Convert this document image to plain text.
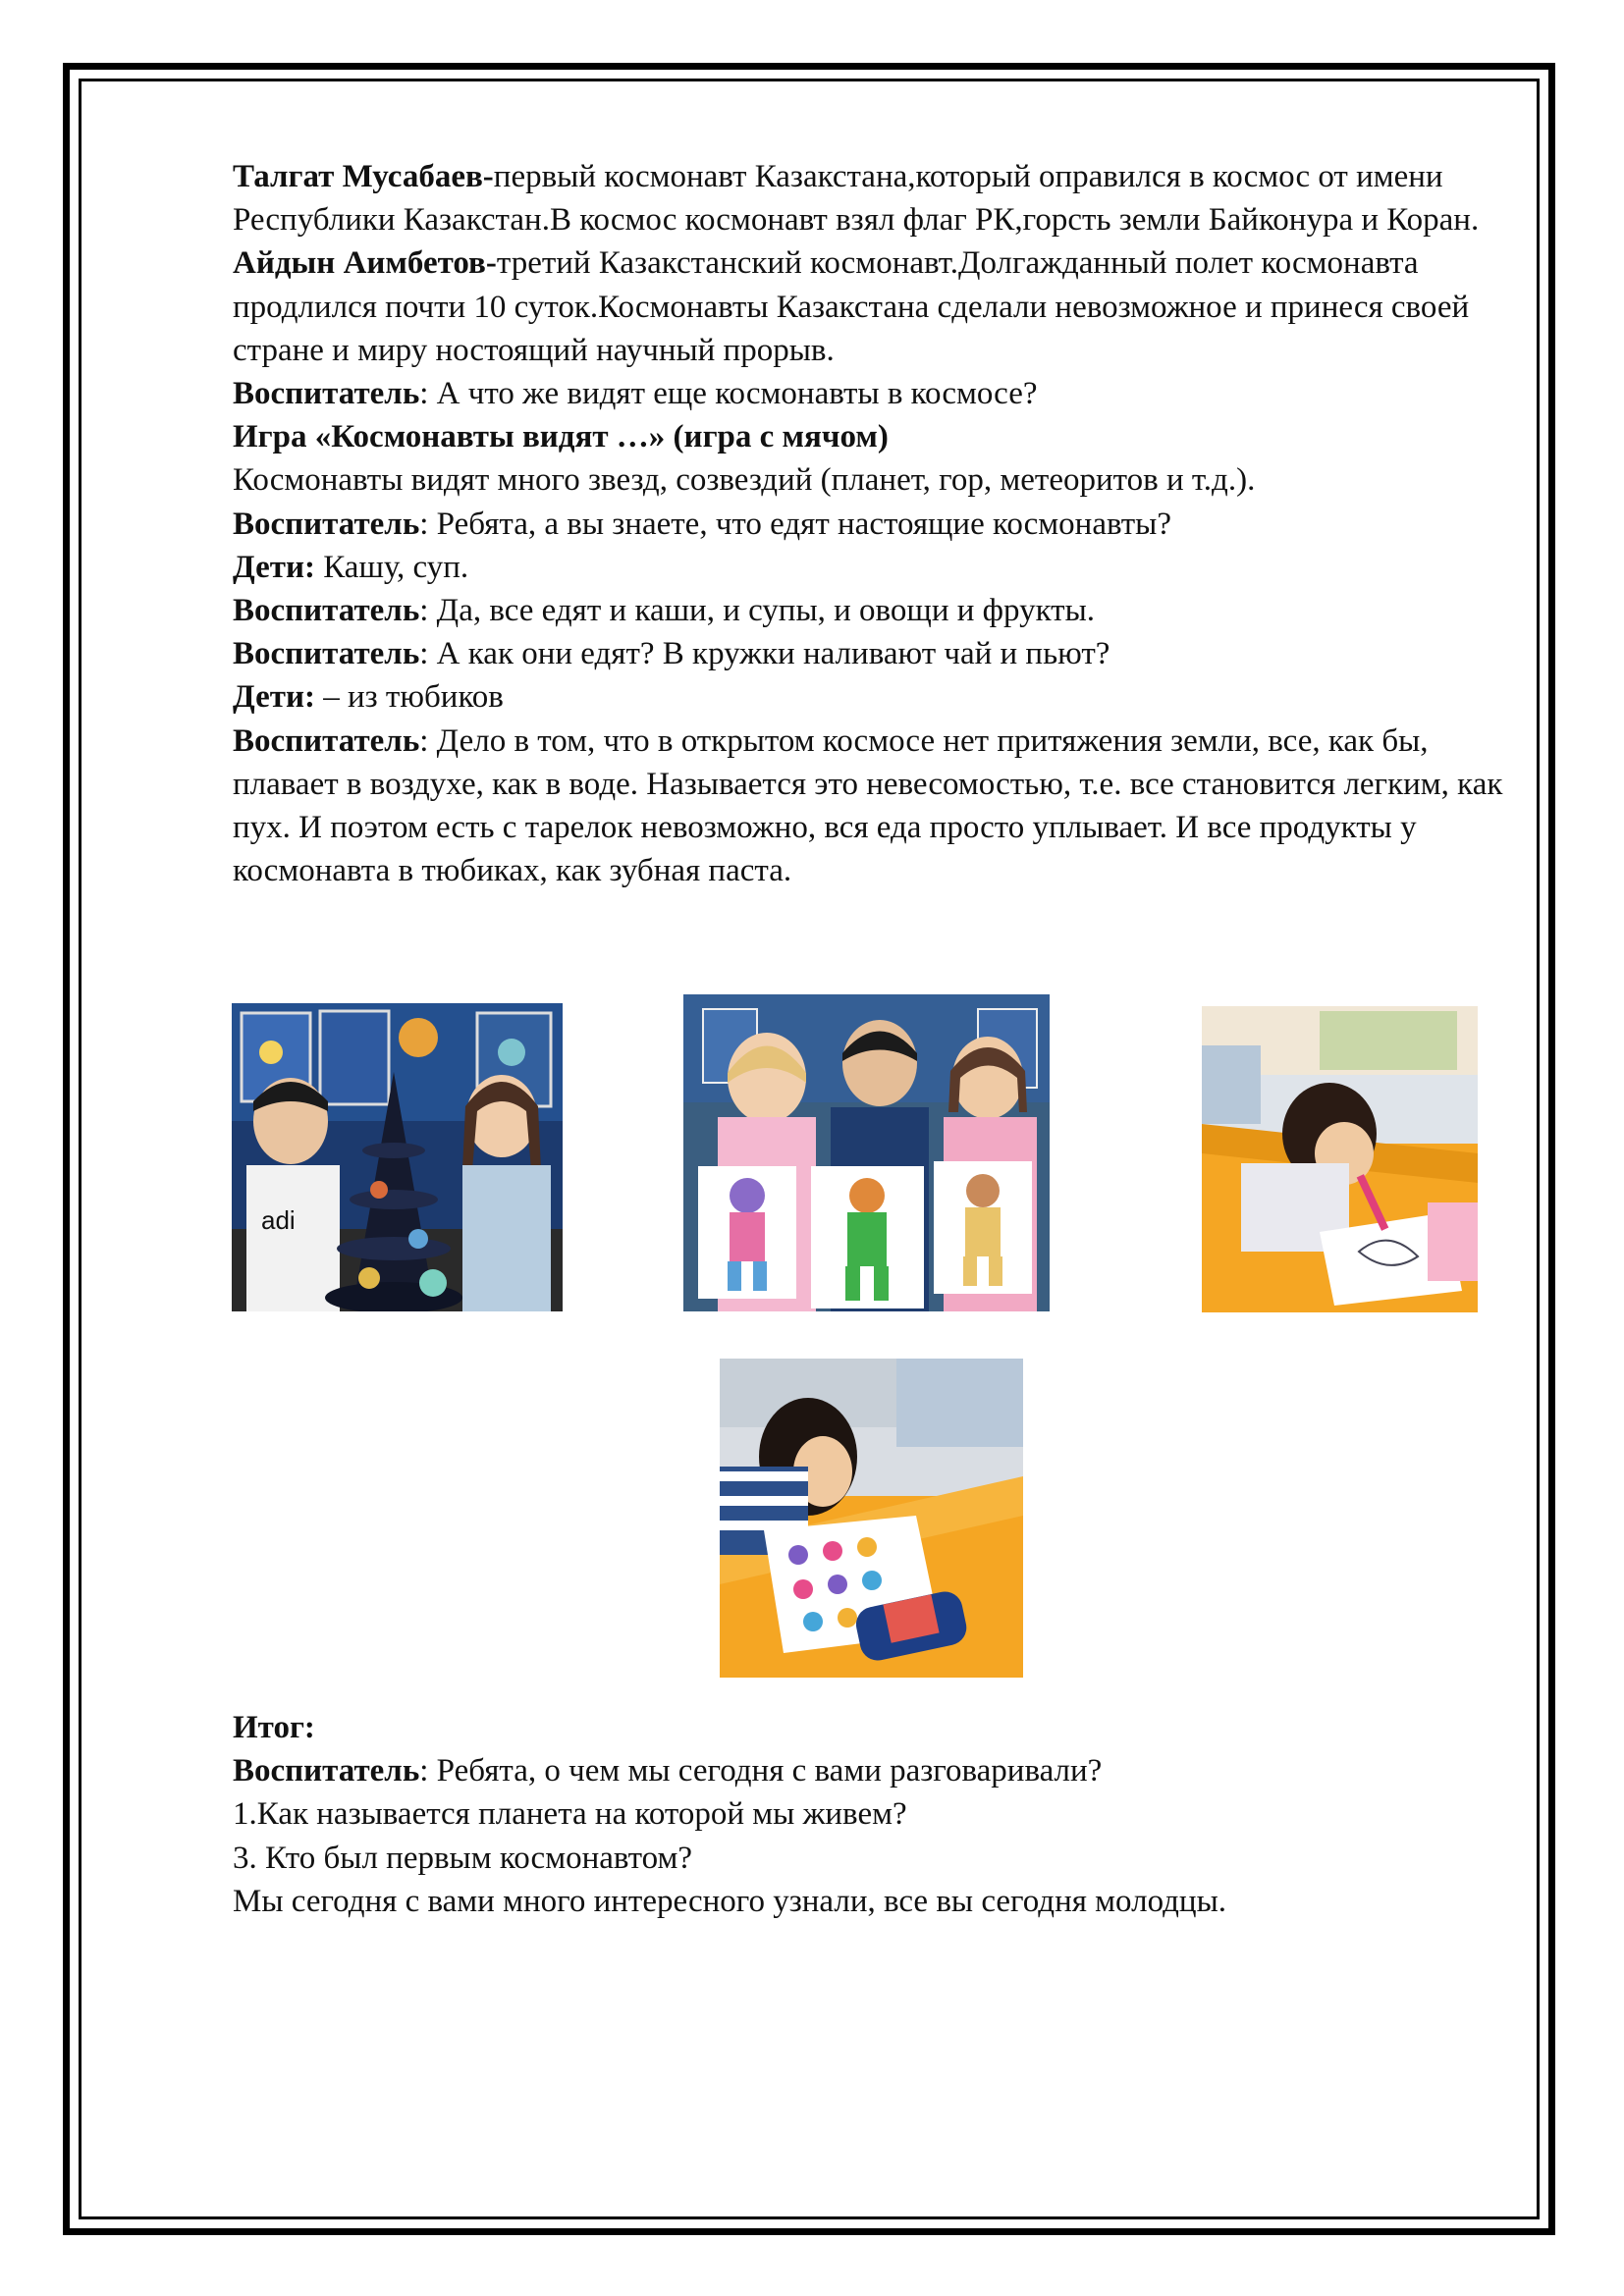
Талгат Мусабаев-первый космонавт Казакстана,который оправился в космос от имени Республики Казакстан.В космос космонавт взял флаг РК,горсть земли Байконура и Коран.

Айдын Аимбетов-третий Казакстанский космонавт.Долгажданный полет космонавта продлился почти 10 суток.Космонавты Казакстана сделали невозможное и принеся своей стране и миру ностоящий научный прорыв.

Воспитатель: А что же видят еще космонавты в космосе?

Игра «Космонавты видят …» (игра с мячом)

Космонавты видят много звезд, созвездий (планет, гор, метеоритов и т.д.).

Воспитатель: Ребята, а вы знаете, что едят настоящие космонавты?

Дети: Кашу, суп.

Воспитатель: Да, все едят и каши, и супы, и овощи и фрукты.

Воспитатель: А как они едят? В кружки наливают чай и пьют?

Дети: – из тюбиков

Воспитатель: Дело в том, что в открытом космосе нет притяжения земли, все, как бы, плавает в воздухе, как в воде. Называется это невесомостью, т.е. все становится легким, как пух. И поэтом есть с тарелок невозможно, вся еда просто уплывает. И все продукты у космонавта в тюбиках, как зубная паста.

adi

Итог:

Воспитатель: Ребята, о чем мы сегодня с вами разговаривали?

1.Как называется планета на которой мы живем?

3. Кто был первым космонавтом?

Мы сегодня с вами много интересного узнали, все вы сегодня молодцы.
